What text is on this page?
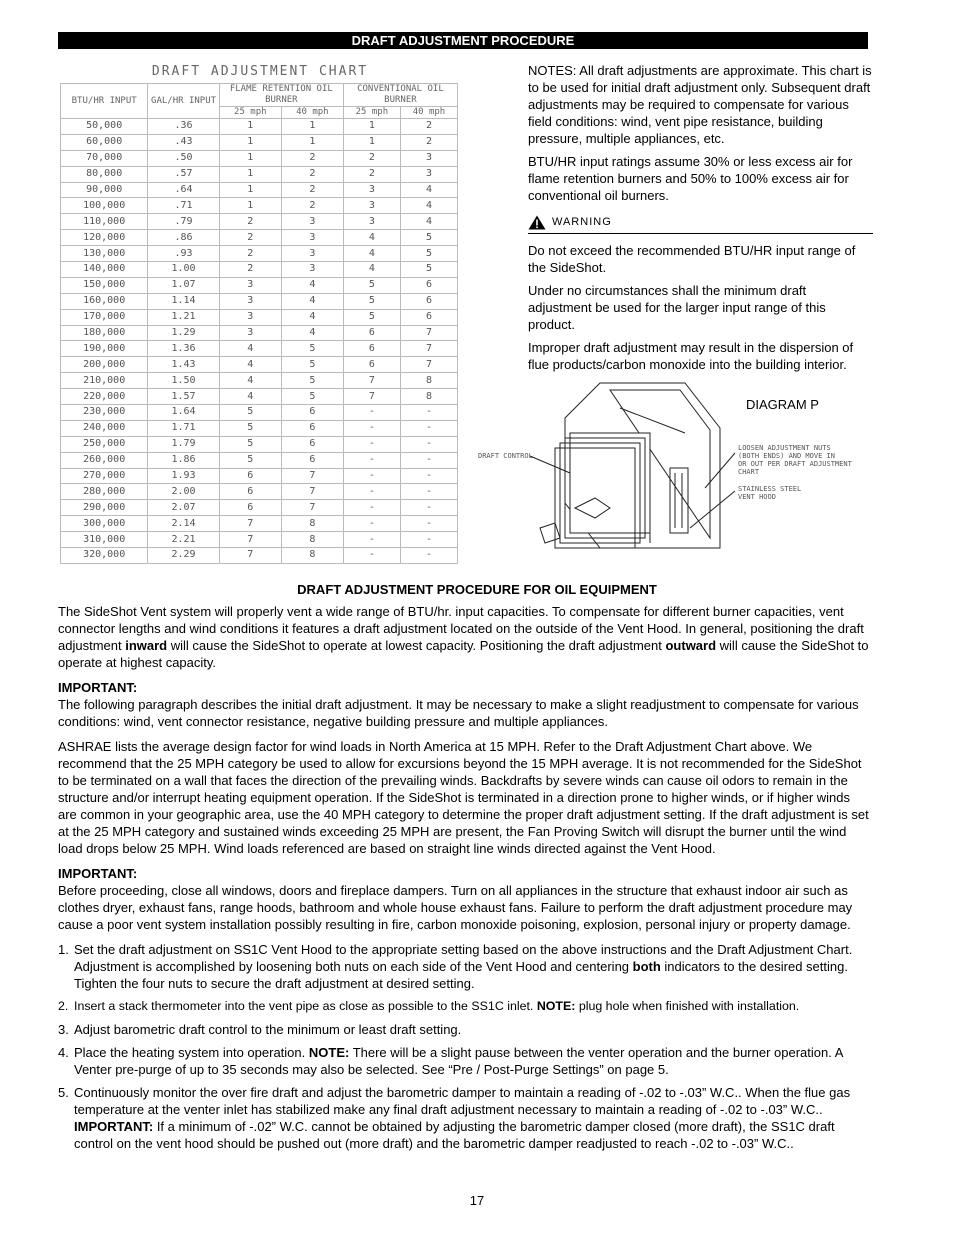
DRAFT ADJUSTMENT PROCEDURE
DRAFT ADJUSTMENT CHART
BTU/HR INPUT	GAL/HR INPUT	FLAME RETENTION OIL BURNER		CONVENTIONAL OIL BURNER	
		25 mph	40 mph	25 mph	40 mph
50,000	.36	1	1	1	2
60,000	.43	1	1	1	2
70,000	.50	1	2	2	3
80,000	.57	1	2	2	3
90,000	.64	1	2	3	4
100,000	.71	1	2	3	4
110,000	.79	2	3	3	4
120,000	.86	2	3	4	5
130,000	.93	2	3	4	5
140,000	1.00	2	3	4	5
150,000	1.07	3	4	5	6
160,000	1.14	3	4	5	6
170,000	1.21	3	4	5	6
180,000	1.29	3	4	6	7
190,000	1.36	4	5	6	7
200,000	1.43	4	5	6	7
210,000	1.50	4	5	7	8
220,000	1.57	4	5	7	8
230,000	1.64	5	6	-	-
240,000	1.71	5	6	-	-
250,000	1.79	5	6	-	-
260,000	1.86	5	6	-	-
270,000	1.93	6	7	-	-
280,000	2.00	6	7	-	-
290,000	2.07	6	7	-	-
300,000	2.14	7	8	-	-
310,000	2.21	7	8	-	-
320,000	2.29	7	8	-	-

NOTES: All draft adjustments are approximate. This chart is to be used for initial draft adjustment only. Subsequent draft adjustments may be required to compensate for various field conditions: wind, vent pipe resistance, building pressure, multiple appliances, etc.

BTU/HR input ratings assume 30% or less excess air for flame retention burners and 50% to 100% excess air for conventional oil burners.

WARNING

Do not exceed the recommended BTU/HR input range of the SideShot.

Under no circumstances shall the minimum draft adjustment be used for the larger input range of this product.

Improper draft adjustment may result in the dispersion of flue products/carbon monoxide into the building interior.

DIAGRAM P
DRAFT CONTROL
LOOSEN ADJUSTMENT NUTS
(BOTH ENDS) AND MOVE IN
OR OUT PER DRAFT ADJUSTMENT
CHART
STAINLESS STEEL
VENT HOOD
DRAFT ADJUSTMENT PROCEDURE FOR OIL EQUIPMENT

The SideShot Vent system will properly vent a wide range of BTU/hr. input capacities. To compensate for different burner capacities, vent connector lengths and wind conditions it features a draft adjustment located on the outside of the Vent Hood. In general, positioning the draft adjustment inward will cause the SideShot to operate at lowest capacity. Positioning the draft adjustment outward will cause the SideShot to operate at highest capacity.

IMPORTANT:

The following paragraph describes the initial draft adjustment. It may be necessary to make a slight readjustment to compensate for various conditions: wind, vent connector resistance, negative building pressure and multiple appliances.

ASHRAE lists the average design factor for wind loads in North America at 15 MPH. Refer to the Draft Adjustment Chart above. We recommend that the 25 MPH category be used to allow for excursions beyond the 15 MPH average. It is not recommended for the SideShot to be terminated on a wall that faces the direction of the prevailing winds. Backdrafts by severe winds can cause oil odors to remain in the structure and/or interrupt heating equipment operation. If the SideShot is terminated in a direction prone to higher winds, or if higher winds are common in your geographic area, use the 40 MPH category to determine the proper draft adjustment setting. If the draft adjustment is set at the 25 MPH category and sustained winds exceeding 25 MPH are present, the Fan Proving Switch will disrupt the burner until the wind load drops below 25 MPH. Wind loads referenced are based on straight line winds directed against the Vent Hood.

IMPORTANT:

Before proceeding, close all windows, doors and fireplace dampers. Turn on all appliances in the structure that exhaust indoor air such as clothes dryer, exhaust fans, range hoods, bathroom and whole house exhaust fans. Failure to perform the draft adjustment procedure may cause a poor vent system installation possibly resulting in fire, carbon monoxide poisoning, explosion, personal injury or property damage.

1. Set the draft adjustment on SS1C Vent Hood to the appropriate setting based on the above instructions and the Draft Adjustment Chart. Adjustment is accomplished by loosening both nuts on each side of the Vent Hood and centering both indicators to the desired setting. Tighten the four nuts to secure the draft adjustment at desired setting.
2. Insert a stack thermometer into the vent pipe as close as possible to the SS1C inlet. NOTE: plug hole when finished with installation.
3. Adjust barometric draft control to the minimum or least draft setting.
4. Place the heating system into operation. NOTE: There will be a slight pause between the venter operation and the burner operation. A Venter pre-purge of up to 35 seconds may also be selected. See “Pre / Post-Purge Settings” on page 5.
5. Continuously monitor the over fire draft and adjust the barometric damper to maintain a reading of -.02 to -.03” W.C.. When the flue gas temperature at the venter inlet has stabilized make any final draft adjustment necessary to maintain a reading of -.02 to -.03” W.C.. IMPORTANT: If a minimum of -.02” W.C. cannot be obtained by adjusting the barometric damper closed (more draft), the SS1C draft control on the vent hood should be pushed out (more draft) and the barometric damper readjusted to reach -.02 to -.03” W.C..
17
